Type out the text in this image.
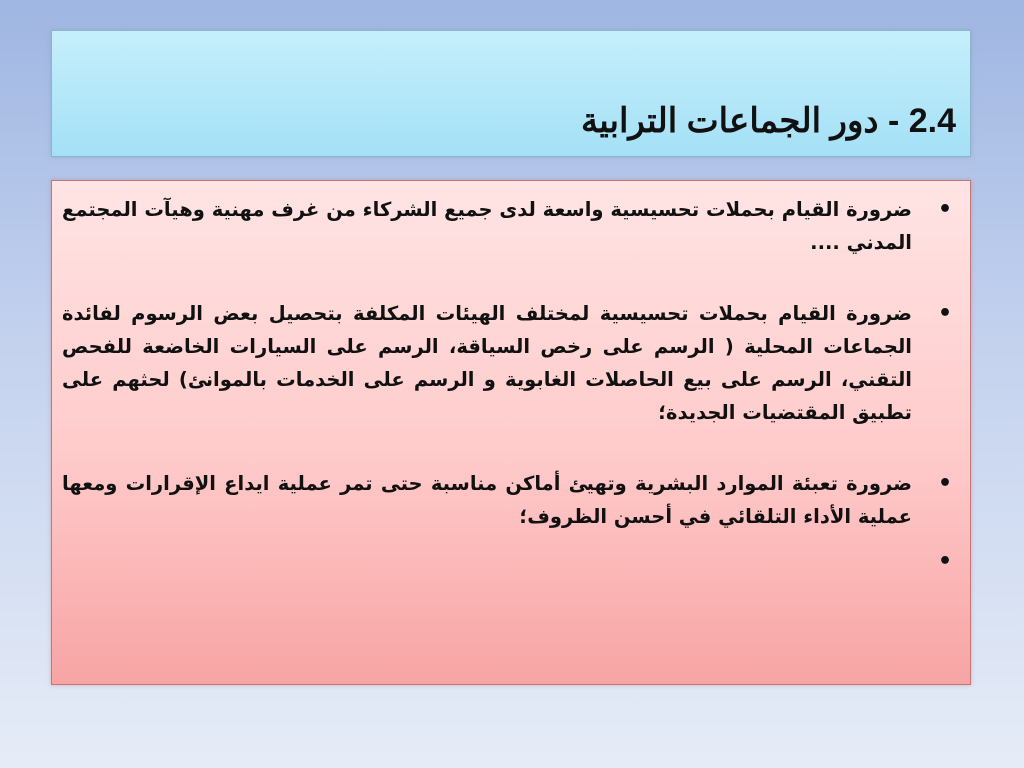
2.4 - دور الجماعات الترابية
•
ضرورة القيام بحملات تحسيسية واسعة لدى جميع الشركاء من غرف مهنية وهيآت المجتمع المدني ....
•
ضرورة القيام بحملات تحسيسية لمختلف الهيئات المكلفة بتحصيل بعض الرسوم لفائدة الجماعات المحلية ( الرسم على رخص السياقة، الرسم على السيارات الخاضعة للفحص التقني، الرسم على بيع الحاصلات الغابوية و الرسم على الخدمات بالموانئ) لحثهم على تطبيق المقتضيات الجديدة؛
•
ضرورة تعبئة الموارد البشرية وتهيئ أماكن مناسبة حتى تمر عملية ايداع الإقرارات ومعها عملية الأداء التلقائي في أحسن الظروف؛
•
